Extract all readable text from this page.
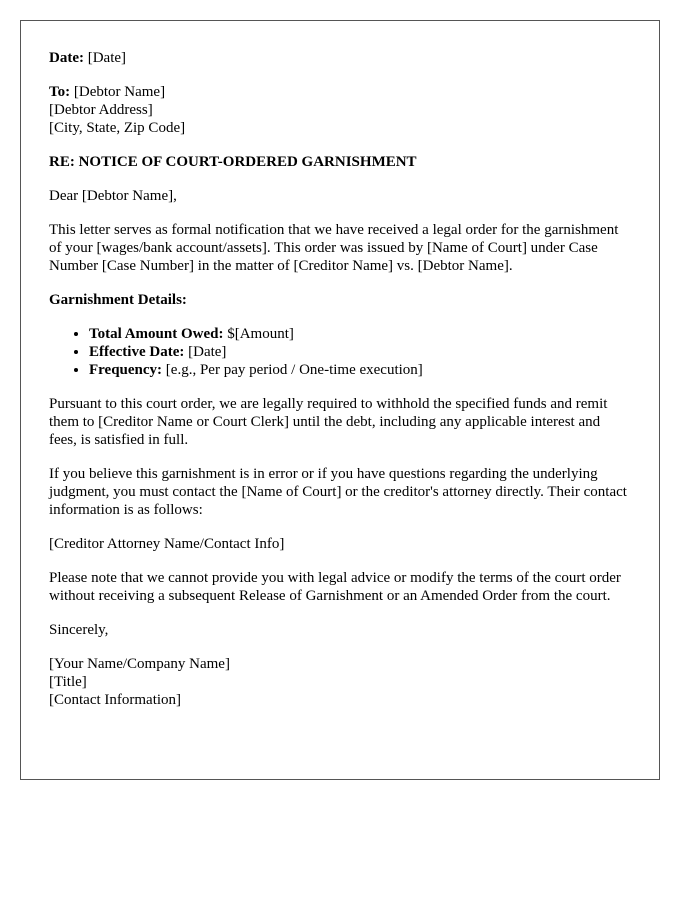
Date: [Date]
To: [Debtor Name]
[Debtor Address]
[City, State, Zip Code]
RE: NOTICE OF COURT-ORDERED GARNISHMENT
Dear [Debtor Name],
This letter serves as formal notification that we have received a legal order for the garnishment of your [wages/bank account/assets]. This order was issued by [Name of Court] under Case Number [Case Number] in the matter of [Creditor Name] vs. [Debtor Name].
Garnishment Details:
• Total Amount Owed: $[Amount]
• Effective Date: [Date]
• Frequency: [e.g., Per pay period / One-time execution]
Pursuant to this court order, we are legally required to withhold the specified funds and remit them to [Creditor Name or Court Clerk] until the debt, including any applicable interest and fees, is satisfied in full.
If you believe this garnishment is in error or if you have questions regarding the underlying judgment, you must contact the [Name of Court] or the creditor's attorney directly. Their contact information is as follows:
[Creditor Attorney Name/Contact Info]
Please note that we cannot provide you with legal advice or modify the terms of the court order without receiving a subsequent Release of Garnishment or an Amended Order from the court.
Sincerely,
[Your Name/Company Name]
[Title]
[Contact Information]
